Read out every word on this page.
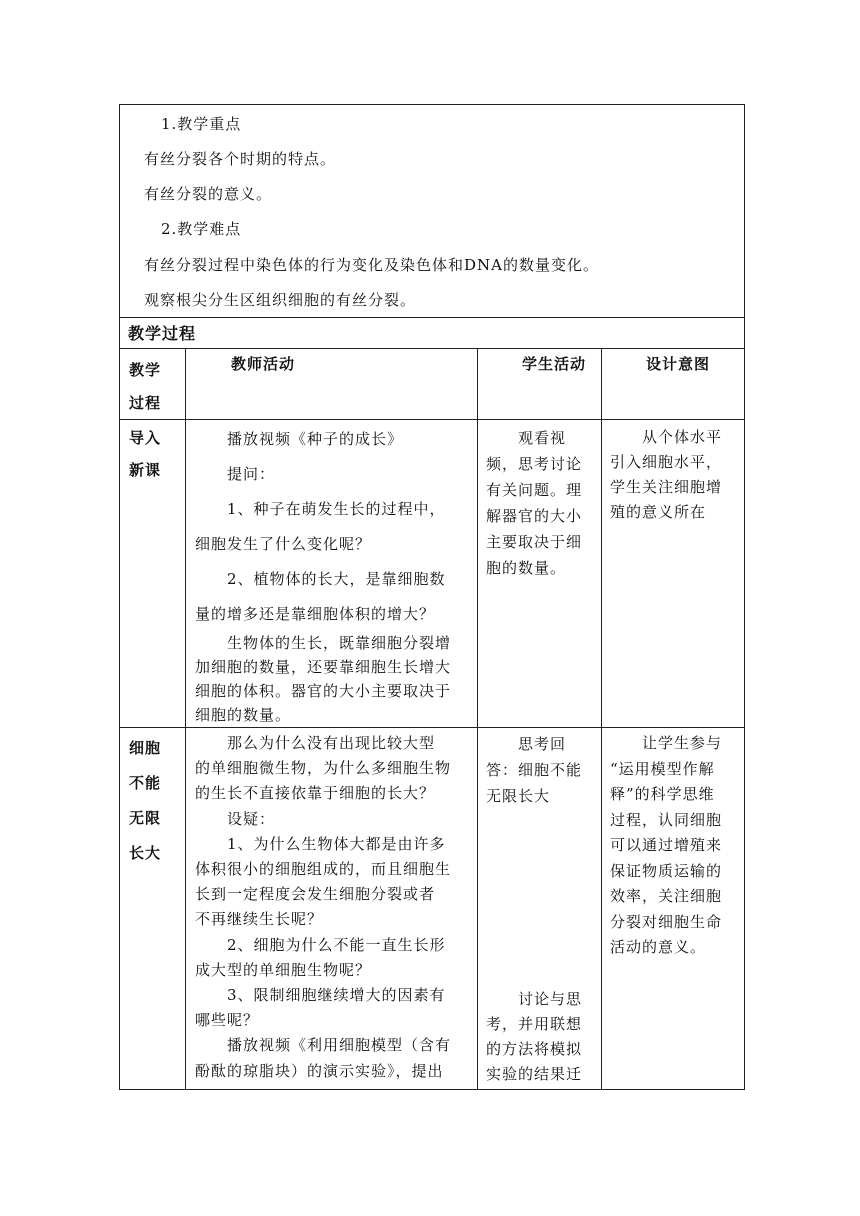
1.教学重点
有丝分裂各个时期的特点。
有丝分裂的意义。
2.教学难点
有丝分裂过程中染色体的行为变化及染色体和DNA的数量变化。
观察根尖分生区组织细胞的有丝分裂。
教学过程
教学
过程
教师活动	学生活动	设计意图
导入
新课
　　播放视频《种子的成长》
　　提问：
　　1、种子在萌发生长的过程中，
细胞发生了什么变化呢？
　　2、植物体的长大，是靠细胞数
量的增多还是靠细胞体积的增大？
　　生物体的生长，既靠细胞分裂增
加细胞的数量，还要靠细胞生长增大
细胞的体积。器官的大小主要取决于
细胞的数量。
　　观看视
频，思考讨论
有关问题。理
解器官的大小
主要取决于细
胞的数量。
　　从个体水平
引入细胞水平，
学生关注细胞增
殖的意义所在
细胞
不能
无限
长大
　　那么为什么没有出现比较大型
的单细胞微生物，为什么多细胞生物
的生长不直接依靠于细胞的长大？
　　设疑：
　　1、为什么生物体大都是由许多
体积很小的细胞组成的，而且细胞生
长到一定程度会发生细胞分裂或者
不再继续生长呢？
　　2、细胞为什么不能一直生长形
成大型的单细胞生物呢？
　　3、限制细胞继续增大的因素有
哪些呢？
　　播放视频《利用细胞模型（含有
酚酞的琼脂块）的演示实验》，提出
　　思考回
答：细胞不能
无限长大
　　讨论与思
考，并用联想
的方法将模拟
实验的结果迁
　　让学生参与
“运用模型作解
释”的科学思维
过程，认同细胞
可以通过增殖来
保证物质运输的
效率，关注细胞
分裂对细胞生命
活动的意义。
